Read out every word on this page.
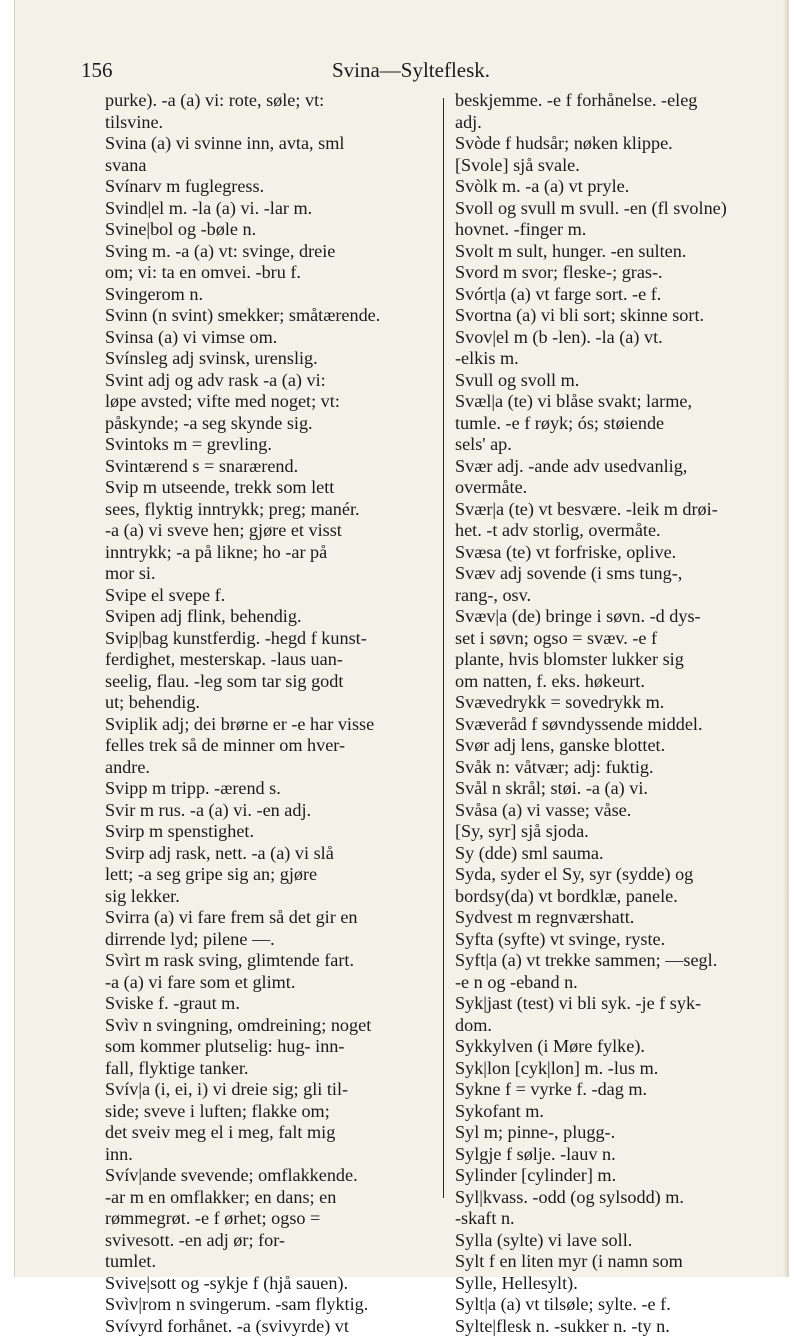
156	Svina—Sylteflesk.
purke). -a (a) vi: rote, søle; vt:
tilsvine.
Svina (a) vi svinne inn, avta, sml
svana
Svínarv m fuglegress.
Svind|el m. -la (a) vi. -lar m.
Svine|bol og -bøle n.
Sving m. -a (a) vt: svinge, dreie
om; vi: ta en omvei. -bru f.
Svingerom n.
Svinn (n svint) smekker; småtærende.
Svinsa (a) vi vimse om.
Svínsleg adj svinsk, urenslig.
Svint adj og adv rask -a (a) vi:
løpe avsted; vifte med noget; vt:
påskynde; -a seg skynde sig.
Svintoks m = grevling.
Svintærend s = snarærend.
Svip m utseende, trekk som lett
sees, flyktig inntrykk; preg; manér.
-a (a) vi sveve hen; gjøre et visst
inntrykk; -a på likne; ho -ar på
mor si.
Svipe el svepe f.
Svipen adj flink, behendig.
Svip|bag kunstferdig. -hegd f kunst-
ferdighet, mesterskap. -laus uan-
seelig, flau. -leg som tar sig godt
ut; behendig.
Sviplik adj; dei brørne er -e har visse
felles trek så de minner om hver-
andre.
Svipp m tripp. -ærend s.
Svir m rus. -a (a) vi. -en adj.
Svirp m spenstighet.
Svirp adj rask, nett. -a (a) vi slå
lett; -a seg gripe sig an; gjøre
sig lekker.
Svirra (a) vi fare frem så det gir en
dirrende lyd; pilene —.
Svìrt m rask sving, glimtende fart.
-a (a) vi fare som et glimt.
Sviske f. -graut m.
Svìv n svingning, omdreining; noget
som kommer plutselig: hug- inn-
fall, flyktige tanker.
Svív|a (i, ei, i) vi dreie sig; gli til-
side; sveve i luften; flakke om;
det sveiv meg el i meg, falt mig
inn.
Svív|ande svevende; omflakkende.
-ar m en omflakker; en dans; en
rømmegrøt. -e f ørhet; ogso =
svivesott. -en adj ør; for-
tumlet.
Svive|sott og -sykje f (hjå sauen).
Svìv|rom n svingerum. -sam flyktig.
Svívyrd forhånet. -a (svivyrde) vt
beskjemme. -e f forhånelse. -eleg
adj.
Svòde f hudsår; nøken klippe.
[Svole] sjå svale.
Svòlk m. -a (a) vt pryle.
Svoll og svull m svull. -en (fl svolne)
hovnet. -finger m.
Svolt m sult, hunger. -en sulten.
Svord m svor; fleske-; gras-.
Svórt|a (a) vt farge sort. -e f.
Svortna (a) vi bli sort; skinne sort.
Svov|el m (b -len). -la (a) vt.
-elkis m.
Svull og svoll m.
Svæl|a (te) vi blåse svakt; larme,
tumle. -e f røyk; ós; støiende
sels' ap.
Svær adj. -ande adv usedvanlig,
overmåte.
Svær|a (te) vt besvære. -leik m drøi-
het. -t adv storlig, overmåte.
Svæsa (te) vt forfriske, oplive.
Svæv adj sovende (i sms tung-,
rang-, osv.
Svæv|a (de) bringe i søvn. -d dys-
set i søvn; ogso = svæv. -e f
plante, hvis blomster lukker sig
om natten, f. eks. høkeurt.
Svævedrykk = sovedrykk m.
Svæveråd f søvndyssende middel.
Svør adj lens, ganske blottet.
Svåk n: våtvær; adj: fuktig.
Svål n skrål; støi. -a (a) vi.
Svåsa (a) vi vasse; våse.
[Sy, syr] sjå sjoda.
Sy (dde) sml sauma.
Syda, syder el Sy, syr (sydde) og
bordsy(da) vt bordklæ, panele.
Sydvest m regnværshatt.
Syfta (syfte) vt svinge, ryste.
Syft|a (a) vt trekke sammen; —segl.
-e n og -eband n.
Syk|jast (test) vi bli syk. -je f syk-
dom.
Sykkylven (i Møre fylke).
Syk|lon [cyk|lon] m. -lus m.
Sykne f = vyrke f. -dag m.
Sykofant m.
Syl m; pinne-, plugg-.
Sylgje f sølje. -lauv n.
Sylinder [cylinder] m.
Syl|kvass. -odd (og sylsodd) m.
-skaft n.
Sylla (sylte) vi lave soll.
Sylt f en liten myr (i namn som
Sylle, Hellesylt).
Sylt|a (a) vt tilsøle; sylte. -e f.
Sylte|flesk n. -sukker n. -ty n.
